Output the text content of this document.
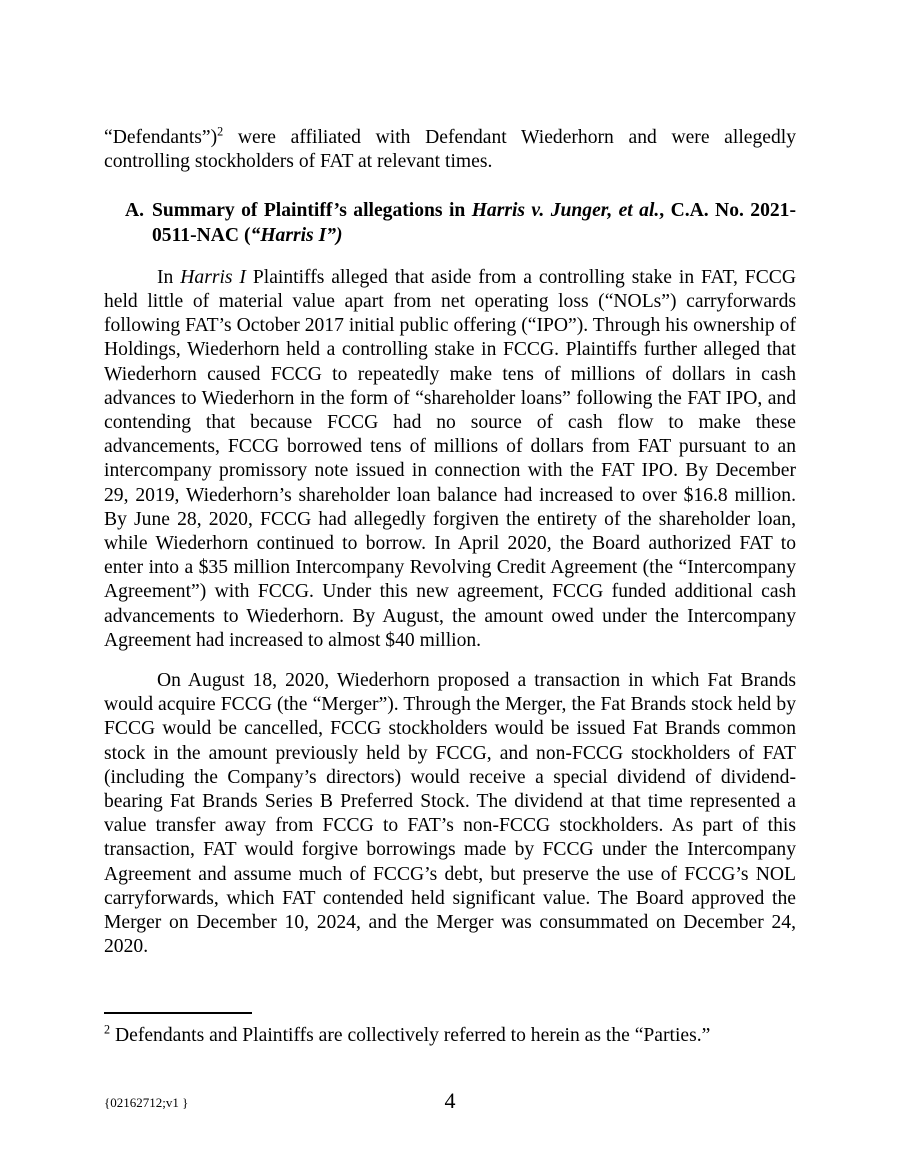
“Defendants”)$^2$ were affiliated with Defendant Wiederhorn and were allegedly controlling stockholders of FAT at relevant times.

A. Summary of Plaintiff’s allegations in Harris v. Junger, et al., C.A. No. 2021-0511-NAC (“Harris I”)

In Harris I Plaintiffs alleged that aside from a controlling stake in FAT, FCCG held little of material value apart from net operating loss (“NOLs”) carryforwards following FAT’s October 2017 initial public offering (“IPO”). Through his ownership of Holdings, Wiederhorn held a controlling stake in FCCG. Plaintiffs further alleged that Wiederhorn caused FCCG to repeatedly make tens of millions of dollars in cash advances to Wiederhorn in the form of “shareholder loans” following the FAT IPO, and contending that because FCCG had no source of cash flow to make these advancements, FCCG borrowed tens of millions of dollars from FAT pursuant to an intercompany promissory note issued in connection with the FAT IPO. By December 29, 2019, Wiederhorn’s shareholder loan balance had increased to over $16.8 million. By June 28, 2020, FCCG had allegedly forgiven the entirety of the shareholder loan, while Wiederhorn continued to borrow. In April 2020, the Board authorized FAT to enter into a $35 million Intercompany Revolving Credit Agreement (the “Intercompany Agreement”) with FCCG. Under this new agreement, FCCG funded additional cash advancements to Wiederhorn. By August, the amount owed under the Intercompany Agreement had increased to almost $40 million.

On August 18, 2020, Wiederhorn proposed a transaction in which Fat Brands would acquire FCCG (the “Merger”). Through the Merger, the Fat Brands stock held by FCCG would be cancelled, FCCG stockholders would be issued Fat Brands common stock in the amount previously held by FCCG, and non-FCCG stockholders of FAT (including the Company’s directors) would receive a special dividend of dividend-bearing Fat Brands Series B Preferred Stock. The dividend at that time represented a value transfer away from FCCG to FAT’s non-FCCG stockholders. As part of this transaction, FAT would forgive borrowings made by FCCG under the Intercompany Agreement and assume much of FCCG’s debt, but preserve the use of FCCG’s NOL carryforwards, which FAT contended held significant value. The Board approved the Merger on December 10, 2024, and the Merger was consummated on December 24, 2020.

$^2$ Defendants and Plaintiffs are collectively referred to herein as the “Parties.”

{02162712;v1 }	4
